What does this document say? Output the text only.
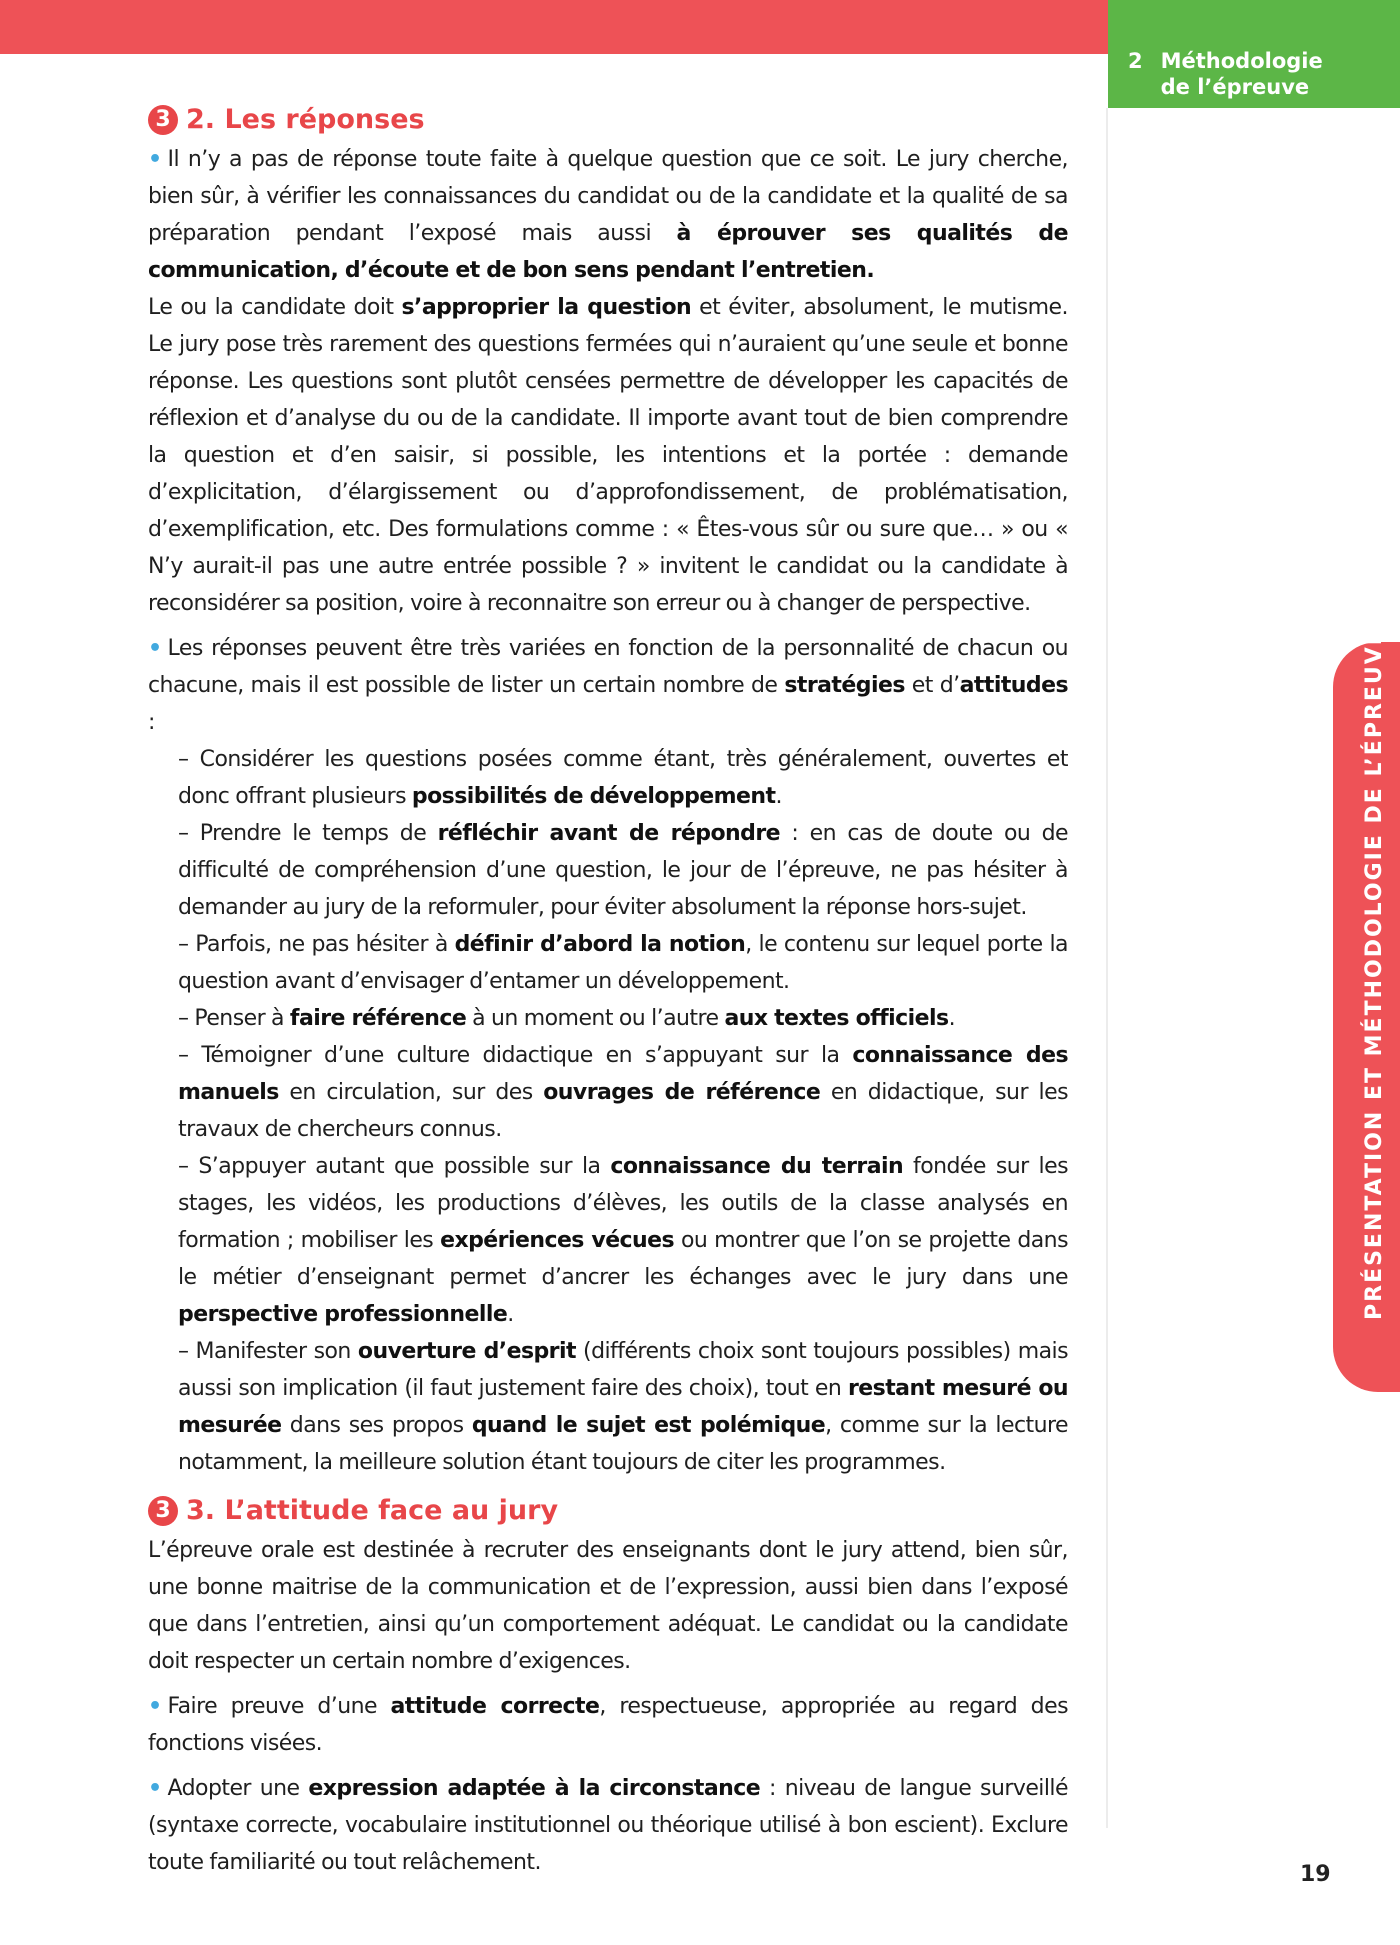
2 Méthodologie
de l’épreuve
PRÉSENTATION ET MÉTHODOLOGIE DE L’ÉPREUVE
3 2. Les réponses

• Il n’y a pas de réponse toute faite à quelque question que ce soit. Le jury cherche, bien sûr, à vérifier les connaissances du candidat ou de la candidate et la qualité de sa préparation pendant l’exposé mais aussi à éprouver ses qualités de communication, d’écoute et de bon sens pendant l’entretien.

Le ou la candidate doit s’approprier la question et éviter, absolument, le mutisme. Le jury pose très rarement des questions fermées qui n’auraient qu’une seule et bonne réponse. Les questions sont plutôt censées permettre de développer les capacités de réflexion et d’analyse du ou de la candidate. Il importe avant tout de bien comprendre la question et d’en saisir, si possible, les intentions et la portée : demande d’explicitation, d’élargissement ou d’approfondissement, de problématisation, d’exemplification, etc. Des formulations comme : « Êtes-vous sûr ou sure que… » ou « N’y aurait-il pas une autre entrée possible ? » invitent le candidat ou la candidate à reconsidérer sa position, voire à reconnaitre son erreur ou à changer de perspective.

• Les réponses peuvent être très variées en fonction de la personnalité de chacun ou chacune, mais il est possible de lister un certain nombre de stratégies et d’attitudes :

– Considérer les questions posées comme étant, très généralement, ouvertes et donc offrant plusieurs possibilités de développement.

– Prendre le temps de réfléchir avant de répondre : en cas de doute ou de difficulté de compréhension d’une question, le jour de l’épreuve, ne pas hésiter à demander au jury de la reformuler, pour éviter absolument la réponse hors-sujet.

– Parfois, ne pas hésiter à définir d’abord la notion, le contenu sur lequel porte la question avant d’envisager d’entamer un développement.

– Penser à faire référence à un moment ou l’autre aux textes officiels.

– Témoigner d’une culture didactique en s’appuyant sur la connaissance des manuels en circulation, sur des ouvrages de référence en didactique, sur les travaux de chercheurs connus.

– S’appuyer autant que possible sur la connaissance du terrain fondée sur les stages, les vidéos, les productions d’élèves, les outils de la classe analysés en formation ; mobiliser les expériences vécues ou montrer que l’on se projette dans le métier d’enseignant permet d’ancrer les échanges avec le jury dans une perspective professionnelle.

– Manifester son ouverture d’esprit (différents choix sont toujours possibles) mais aussi son implication (il faut justement faire des choix), tout en restant mesuré ou mesurée dans ses propos quand le sujet est polémique, comme sur la lecture notamment, la meilleure solution étant toujours de citer les programmes.

3 3. L’attitude face au jury

L’épreuve orale est destinée à recruter des enseignants dont le jury attend, bien sûr, une bonne maitrise de la communication et de l’expression, aussi bien dans l’exposé que dans l’entretien, ainsi qu’un comportement adéquat. Le candidat ou la candidate doit respecter un certain nombre d’exigences.

• Faire preuve d’une attitude correcte, respectueuse, appropriée au regard des fonctions visées.

• Adopter une expression adaptée à la circonstance : niveau de langue surveillé (syntaxe correcte, vocabulaire institutionnel ou théorique utilisé à bon escient). Exclure toute familiarité ou tout relâchement.	19
